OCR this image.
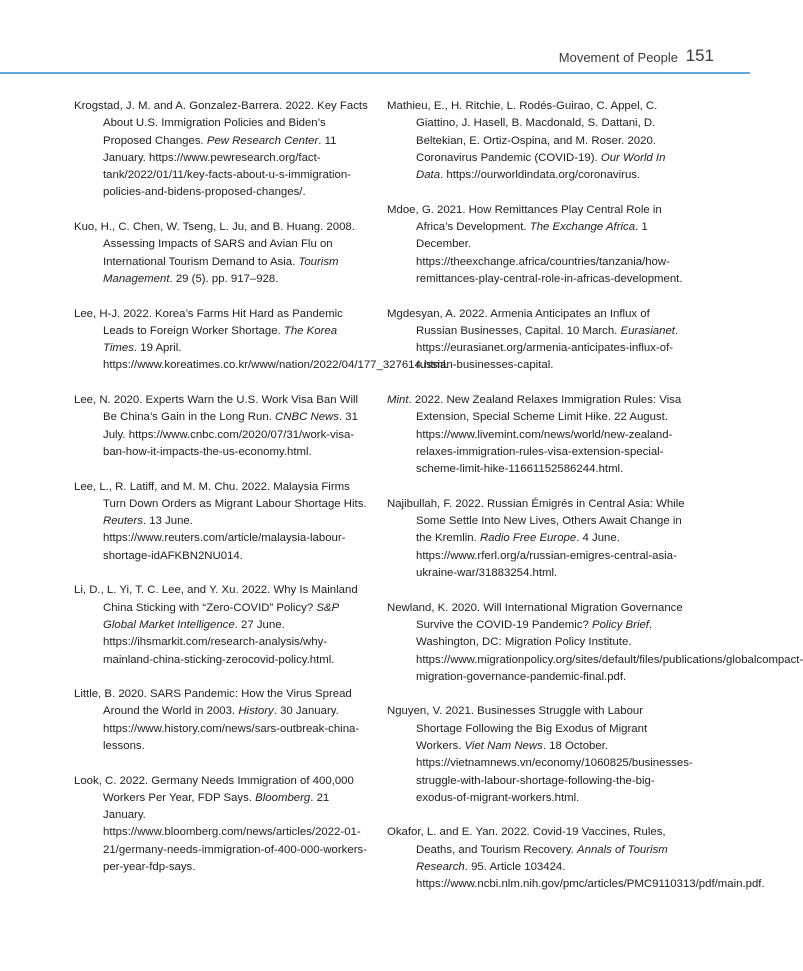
Movement of People 151

Krogstad, J. M. and A. Gonzalez-Barrera. 2022. Key Facts About U.S. Immigration Policies and Biden’s Proposed Changes. Pew Research Center. 11 January. https://www.pewresearch.org/fact-tank/2022/01/11/key-facts-about-u-s-immigration-policies-and-bidens-proposed-changes/.

Kuo, H., C. Chen, W. Tseng, L. Ju, and B. Huang. 2008. Assessing Impacts of SARS and Avian Flu on International Tourism Demand to Asia. Tourism Management. 29 (5). pp. 917–928.

Lee, H-J. 2022. Korea’s Farms Hit Hard as Pandemic Leads to Foreign Worker Shortage. The Korea Times. 19 April. https://www.koreatimes.co.kr/www/nation/2022/04/177_327614.html.

Lee, N. 2020. Experts Warn the U.S. Work Visa Ban Will Be China’s Gain in the Long Run. CNBC News. 31 July. https://www.cnbc.com/2020/07/31/work-visa-ban-how-it-impacts-the-us-economy.html.

Lee, L., R. Latiff, and M. M. Chu. 2022. Malaysia Firms Turn Down Orders as Migrant Labour Shortage Hits. Reuters. 13 June. https://www.reuters.com/article/malaysia-labour-shortage-idAFKBN2NU014.

Li, D., L. Yi, T. C. Lee, and Y. Xu. 2022. Why Is Mainland China Sticking with “Zero-COVID” Policy? S&P Global Market Intelligence. 27 June. https://ihsmarkit.com/research-analysis/why-mainland-china-sticking-zerocovid-policy.html.

Little, B. 2020. SARS Pandemic: How the Virus Spread Around the World in 2003. History. 30 January. https://www.history.com/news/sars-outbreak-china-lessons.

Look, C. 2022. Germany Needs Immigration of 400,000 Workers Per Year, FDP Says. Bloomberg. 21 January. https://www.bloomberg.com/news/articles/2022-01-21/germany-needs-immigration-of-400-000-workers-per-year-fdp-says.

Mathieu, E., H. Ritchie, L. Rodés-Guirao, C. Appel, C. Giattino, J. Hasell, B. Macdonald, S. Dattani, D. Beltekian, E. Ortiz-Ospina, and M. Roser. 2020. Coronavirus Pandemic (COVID-19). Our World In Data. https://ourworldindata.org/coronavirus.

Mdoe, G. 2021. How Remittances Play Central Role in Africa’s Development. The Exchange Africa. 1 December. https://theexchange.africa/countries/tanzania/how-remittances-play-central-role-in-africas-development.

Mgdesyan, A. 2022. Armenia Anticipates an Influx of Russian Businesses, Capital. 10 March. Eurasianet. https://eurasianet.org/armenia-anticipates-influx-of-russian-businesses-capital.

Mint. 2022. New Zealand Relaxes Immigration Rules: Visa Extension, Special Scheme Limit Hike. 22 August. https://www.livemint.com/news/world/new-zealand-relaxes-immigration-rules-visa-extension-special-scheme-limit-hike-11661152586244.html.

Najibullah, F. 2022. Russian Émigrés in Central Asia: While Some Settle Into New Lives, Others Await Change in the Kremlin. Radio Free Europe. 4 June. https://www.rferl.org/a/russian-emigres-central-asia-ukraine-war/31883254.html.

Newland, K. 2020. Will International Migration Governance Survive the COVID-19 Pandemic? Policy Brief. Washington, DC: Migration Policy Institute. https://www.migrationpolicy.org/sites/default/files/publications/globalcompact-migration-governance-pandemic-final.pdf.

Nguyen, V. 2021. Businesses Struggle with Labour Shortage Following the Big Exodus of Migrant Workers. Viet Nam News. 18 October. https://vietnamnews.vn/economy/1060825/businesses-struggle-with-labour-shortage-following-the-big-exodus-of-migrant-workers.html.

Okafor, L. and E. Yan. 2022. Covid-19 Vaccines, Rules, Deaths, and Tourism Recovery. Annals of Tourism Research. 95. Article 103424. https://www.ncbi.nlm.nih.gov/pmc/articles/PMC9110313/pdf/main.pdf.
